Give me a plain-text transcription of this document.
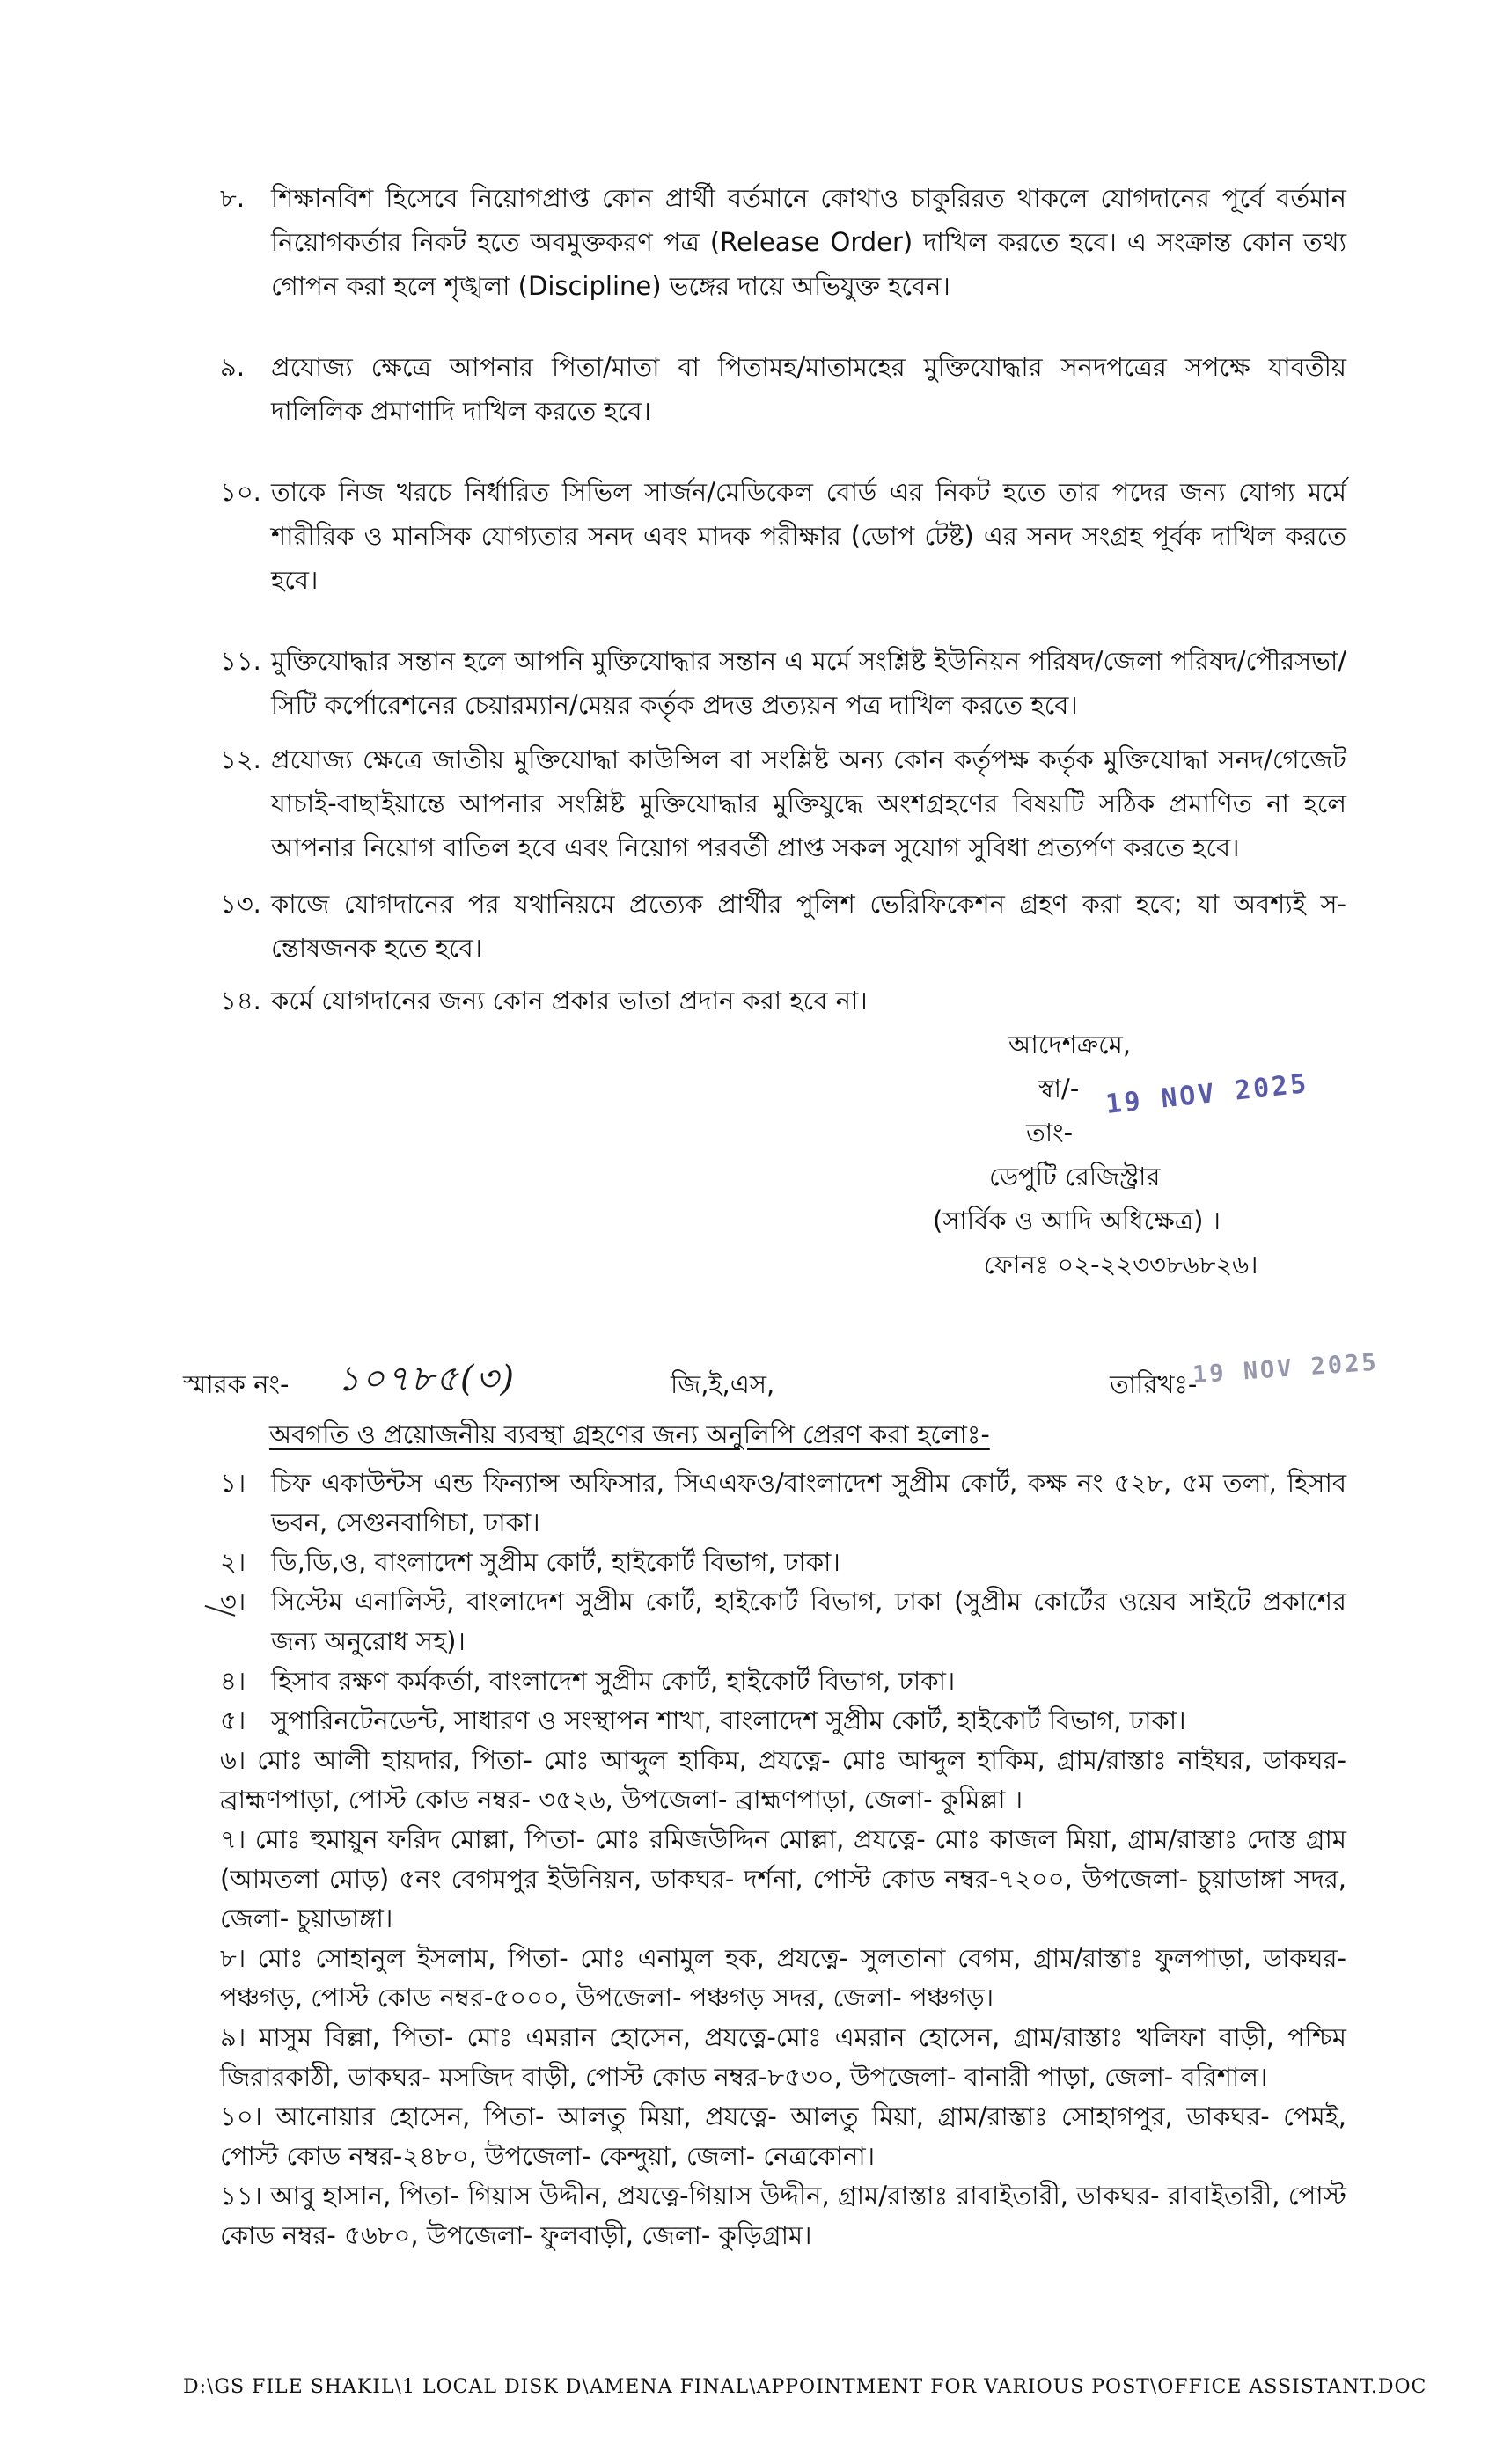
৮.	শিক্ষানবিশ হিসেবে নিয়োগপ্রাপ্ত কোন প্রার্থী বর্তমানে কোথাও চাকুরিরত থাকলে যোগদানের পূর্বে বর্তমান নিয়োগকর্তার নিকট হতে অবমুক্তকরণ পত্র (Release Order) দাখিল করতে হবে। এ সংক্রান্ত কোন তথ্য গোপন করা হলে শৃঙ্খলা (Discipline) ভঙ্গের দায়ে অভিযুক্ত হবেন।
৯.	প্রযোজ্য ক্ষেত্রে আপনার পিতা/মাতা বা পিতামহ/মাতামহের মুক্তিযোদ্ধার সনদপত্রের সপক্ষে যাবতীয় দালিলিক প্রমাণাদি দাখিল করতে হবে।
১০. তাকে নিজ খরচে নির্ধারিত সিভিল সার্জন/মেডিকেল বোর্ড এর নিকট হতে তার পদের জন্য যোগ্য মর্মে শারীরিক ও মানসিক যোগ্যতার সনদ এবং মাদক পরীক্ষার (ডোপ টেষ্ট) এর সনদ সংগ্রহ পূর্বক দাখিল করতে হবে।
১১. মুক্তিযোদ্ধার সন্তান হলে আপনি মুক্তিযোদ্ধার সন্তান এ মর্মে সংশ্লিষ্ট ইউনিয়ন পরিষদ/জেলা পরিষদ/পৌরসভা/সিটি কর্পোরেশনের চেয়ারম্যান/মেয়র কর্তৃক প্রদত্ত প্রত্যয়ন পত্র দাখিল করতে হবে।
১২. প্রযোজ্য ক্ষেত্রে জাতীয় মুক্তিযোদ্ধা কাউন্সিল বা সংশ্লিষ্ট অন্য কোন কর্তৃপক্ষ কর্তৃক মুক্তিযোদ্ধা সনদ/গেজেট যাচাই-বাছাইয়ান্তে আপনার সংশ্লিষ্ট মুক্তিযোদ্ধার মুক্তিযুদ্ধে অংশগ্রহণের বিষয়টি সঠিক প্রমাণিত না হলে আপনার নিয়োগ বাতিল হবে এবং নিয়োগ পরবর্তী প্রাপ্ত সকল সুযোগ সুবিধা প্রত্যর্পণ করতে হবে।
১৩. কাজে যোগদানের পর যথানিয়মে প্রত্যেক প্রার্থীর পুলিশ ভেরিফিকেশন গ্রহণ করা হবে; যা অবশ্যই স-ন্তোষজনক হতে হবে।
১৪. কর্মে যোগদানের জন্য কোন প্রকার ভাতা প্রদান করা হবে না।
আদেশক্রমে,
স্বা/-
তাং-
ডেপুটি রেজিস্ট্রার
(সার্বিক ও আদি অধিক্ষেত্র) ।
ফোনঃ ০২-২২৩৩৮৬৮২৬।
19 NOV 2025
স্মারক নং- ১০৭৮৫(৩)	জি,ই,এস,	তারিখঃ-
19 NOV 2025
অবগতি ও প্রয়োজনীয় ব্যবস্থা গ্রহণের জন্য অনুলিপি প্রেরণ করা হলোঃ-
১। চিফ একাউন্টস এন্ড ফিন্যান্স অফিসার, সিএএফও/বাংলাদেশ সুপ্রীম কোর্ট, কক্ষ নং ৫২৮, ৫ম তলা, হিসাব ভবন, সেগুনবাগিচা, ঢাকা।
২। ডি,ডি,ও, বাংলাদেশ সুপ্রীম কোর্ট, হাইকোর্ট বিভাগ, ঢাকা।
৩। সিস্টেম এনালিস্ট, বাংলাদেশ সুপ্রীম কোর্ট, হাইকোর্ট বিভাগ, ঢাকা (সুপ্রীম কোর্টের ওয়েব সাইটে প্রকাশের জন্য অনুরোধ সহ)।
৪। হিসাব রক্ষণ কর্মকর্তা, বাংলাদেশ সুপ্রীম কোর্ট, হাইকোর্ট বিভাগ, ঢাকা।
৫। সুপারিনটেনডেন্ট, সাধারণ ও সংস্থাপন শাখা, বাংলাদেশ সুপ্রীম কোর্ট, হাইকোর্ট বিভাগ, ঢাকা।
৬। মোঃ আলী হায়দার, পিতা- মোঃ আব্দুল হাকিম, প্রযত্নে- মোঃ আব্দুল হাকিম, গ্রাম/রাস্তাঃ নাইঘর, ডাকঘর- ব্রাহ্মণপাড়া, পোস্ট কোড নম্বর- ৩৫২৬, উপজেলা- ব্রাহ্মণপাড়া, জেলা- কুমিল্লা ।
৭। মোঃ হুমায়ুন ফরিদ মোল্লা, পিতা- মোঃ রমিজউদ্দিন মোল্লা, প্রযত্নে- মোঃ কাজল মিয়া, গ্রাম/রাস্তাঃ দোস্ত গ্রাম (আমতলা মোড়) ৫নং বেগমপুর ইউনিয়ন, ডাকঘর- দর্শনা, পোস্ট কোড নম্বর-৭২০০, উপজেলা- চুয়াডাঙ্গা সদর, জেলা- চুয়াডাঙ্গা।
৮। মোঃ সোহানুল ইসলাম, পিতা- মোঃ এনামুল হক, প্রযত্নে- সুলতানা বেগম, গ্রাম/রাস্তাঃ ফুলপাড়া, ডাকঘর- পঞ্চগড়, পোস্ট কোড নম্বর-৫০০০, উপজেলা- পঞ্চগড় সদর, জেলা- পঞ্চগড়।
৯। মাসুম বিল্লা, পিতা- মোঃ এমরান হোসেন, প্রযত্নে-মোঃ এমরান হোসেন, গ্রাম/রাস্তাঃ খলিফা বাড়ী, পশ্চিম জিরারকাঠী, ডাকঘর- মসজিদ বাড়ী, পোস্ট কোড নম্বর-৮৫৩০, উপজেলা- বানারী পাড়া, জেলা- বরিশাল।
১০। আনোয়ার হোসেন, পিতা- আলতু মিয়া, প্রযত্নে- আলতু মিয়া, গ্রাম/রাস্তাঃ সোহাগপুর, ডাকঘর- পেমই, পোস্ট কোড নম্বর-২৪৮০, উপজেলা- কেন্দুয়া, জেলা- নেত্রকোনা।
১১। আবু হাসান, পিতা- গিয়াস উদ্দীন, প্রযত্নে-গিয়াস উদ্দীন, গ্রাম/রাস্তাঃ রাবাইতারী, ডাকঘর- রাবাইতারী, পোস্ট কোড নম্বর- ৫৬৮০, উপজেলা- ফুলবাড়ী, জেলা- কুড়িগ্রাম।
D:\GS FILE SHAKIL\1 LOCAL DISK D\AMENA FINAL\APPOINTMENT FOR VARIOUS POST\OFFICE ASSISTANT.DOC
